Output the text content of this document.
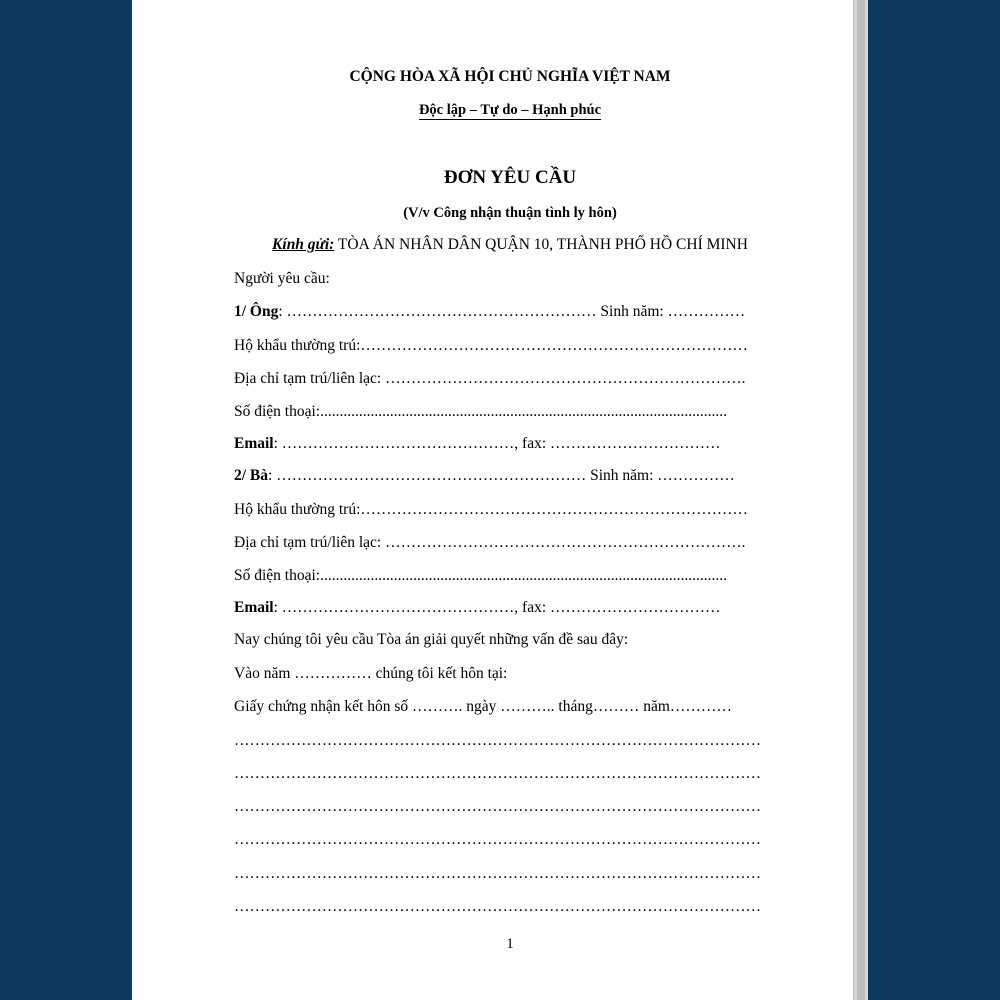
CỘNG HÒA XÃ HỘI CHỦ NGHĨA VIỆT NAM
Độc lập – Tự do – Hạnh phúc
ĐƠN YÊU CẦU
(V/v Công nhận thuận tình ly hôn)
Kính gửi: TÒA ÁN NHÂN DÂN QUẬN 10, THÀNH PHỐ HỒ CHÍ MINH
Người yêu cầu:
1/ Ông: …………………………………………………… Sinh năm: ……………
Hộ khẩu thường trú:…………………………………………………………………
Địa chỉ tạm trú/liên lạc: …………………………………………………………….
Số điện thoại:.........................................................................................................
Email: ………………………………………, fax: ……………………………
2/ Bà: …………………………………………………… Sinh năm: ……………
Hộ khẩu thường trú:…………………………………………………………………
Địa chỉ tạm trú/liên lạc: …………………………………………………………….
Số điện thoại:.........................................................................................................
Email: ………………………………………, fax: ……………………………
Nay chúng tôi yêu cầu Tòa án giải quyết những vấn đề sau đây:
Vào năm …………… chúng tôi kết hôn tại:
Giấy chứng nhận kết hôn số ………. ngày ……….. tháng……… năm…………
…………………………………………………………………………………………
…………………………………………………………………………………………
…………………………………………………………………………………………
…………………………………………………………………………………………
…………………………………………………………………………………………
…………………………………………………………………………………………
1
